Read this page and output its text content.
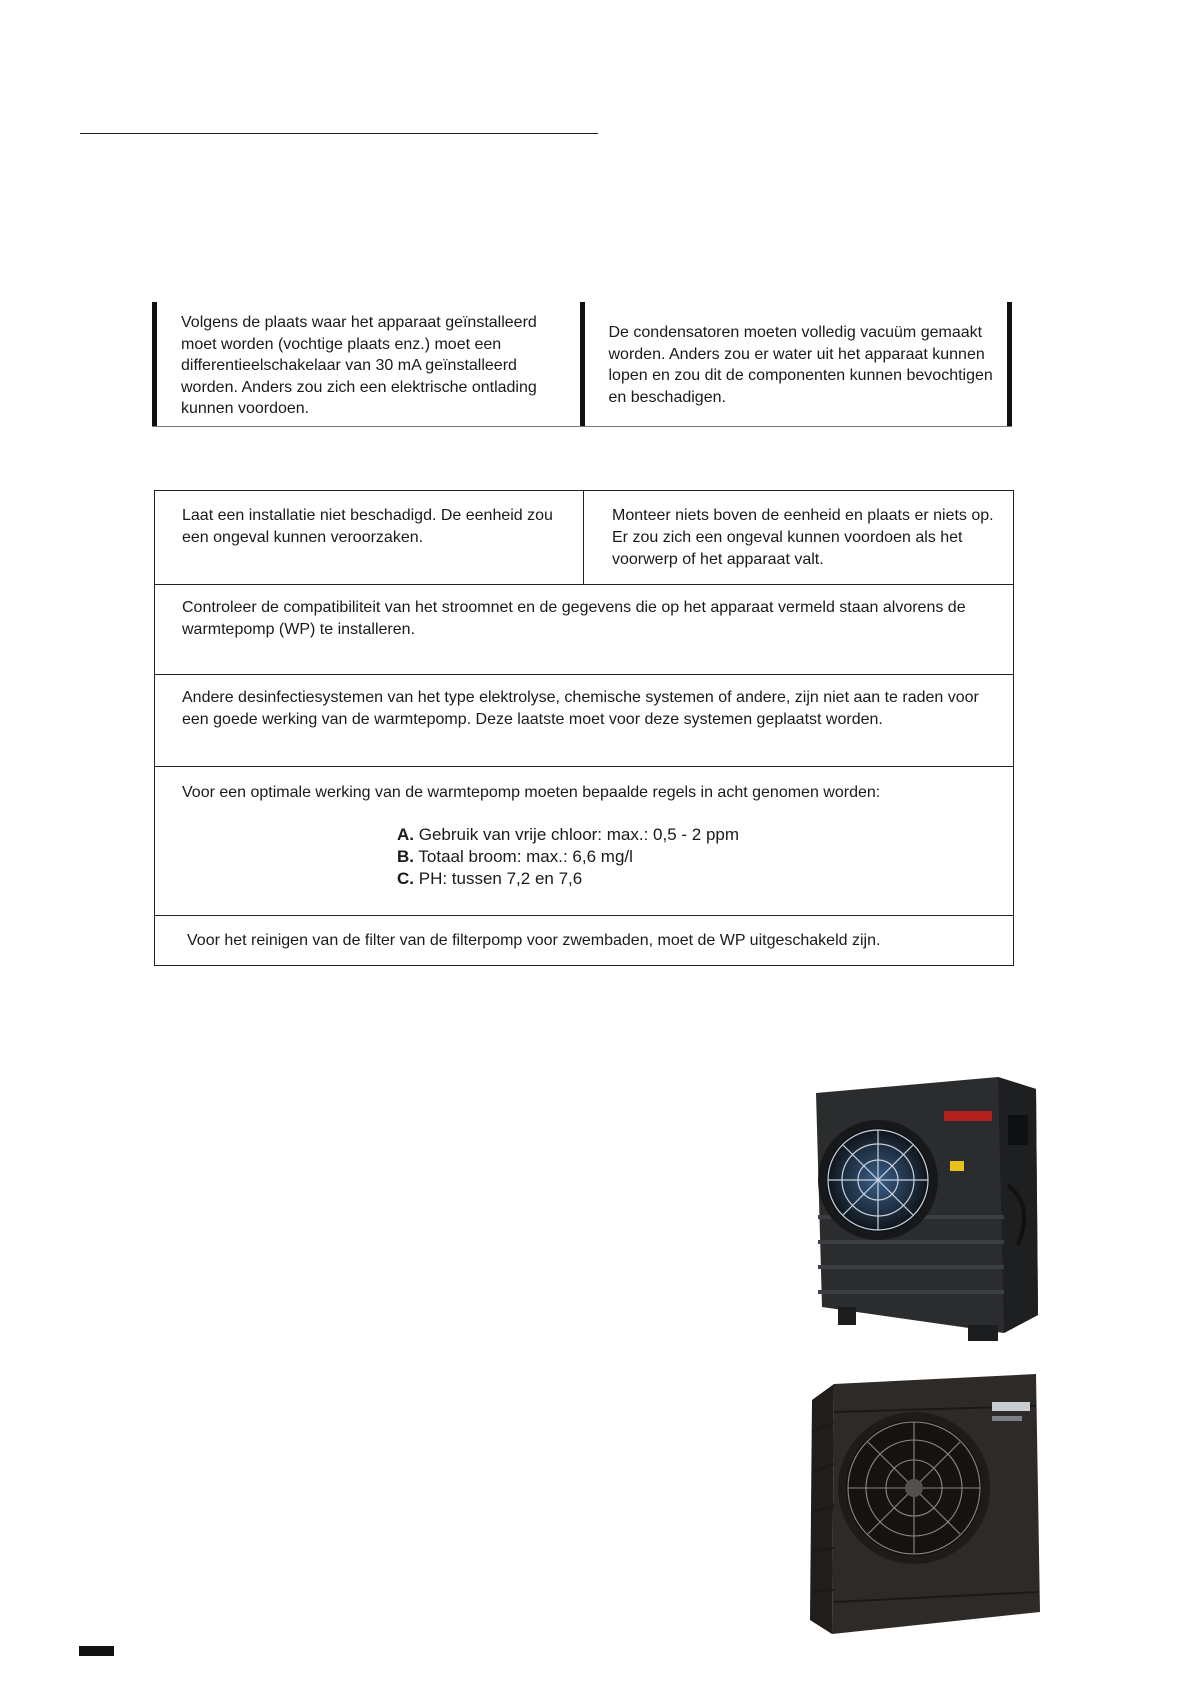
Volgens de plaats waar het apparaat geïnstalleerd moet worden (vochtige plaats enz.) moet een differentieelschakelaar van 30 mA geïnstalleerd worden. Anders zou zich een elektrische ontlading kunnen voordoen.
De condensatoren moeten volledig vacuüm gemaakt worden. Anders zou er water uit het apparaat kunnen lopen en zou dit de componenten kunnen bevochtigen en beschadigen.
Laat een installatie niet beschadigd. De eenheid zou een ongeval kunnen veroorzaken.
Monteer niets boven de eenheid en plaats er niets op. Er zou zich een ongeval kunnen voordoen als het voorwerp of het apparaat valt.
Controleer de compatibiliteit van het stroomnet en de gegevens die op het apparaat vermeld staan alvorens de warmtepomp (WP) te installeren.
Andere desinfectiesystemen van het type elektrolyse, chemische systemen of andere, zijn niet aan te raden voor een goede werking van de warmtepomp. Deze laatste moet voor deze systemen geplaatst worden.
Voor een optimale werking van de warmtepomp moeten bepaalde regels in acht genomen worden:
A. Gebruik van vrije chloor: max.: 0,5 - 2 ppm
B. Totaal broom: max.: 6,6 mg/l
C. PH: tussen 7,2 en 7,6
Voor het reinigen van de filter van de filterpomp voor zwembaden, moet de WP uitgeschakeld zijn.
